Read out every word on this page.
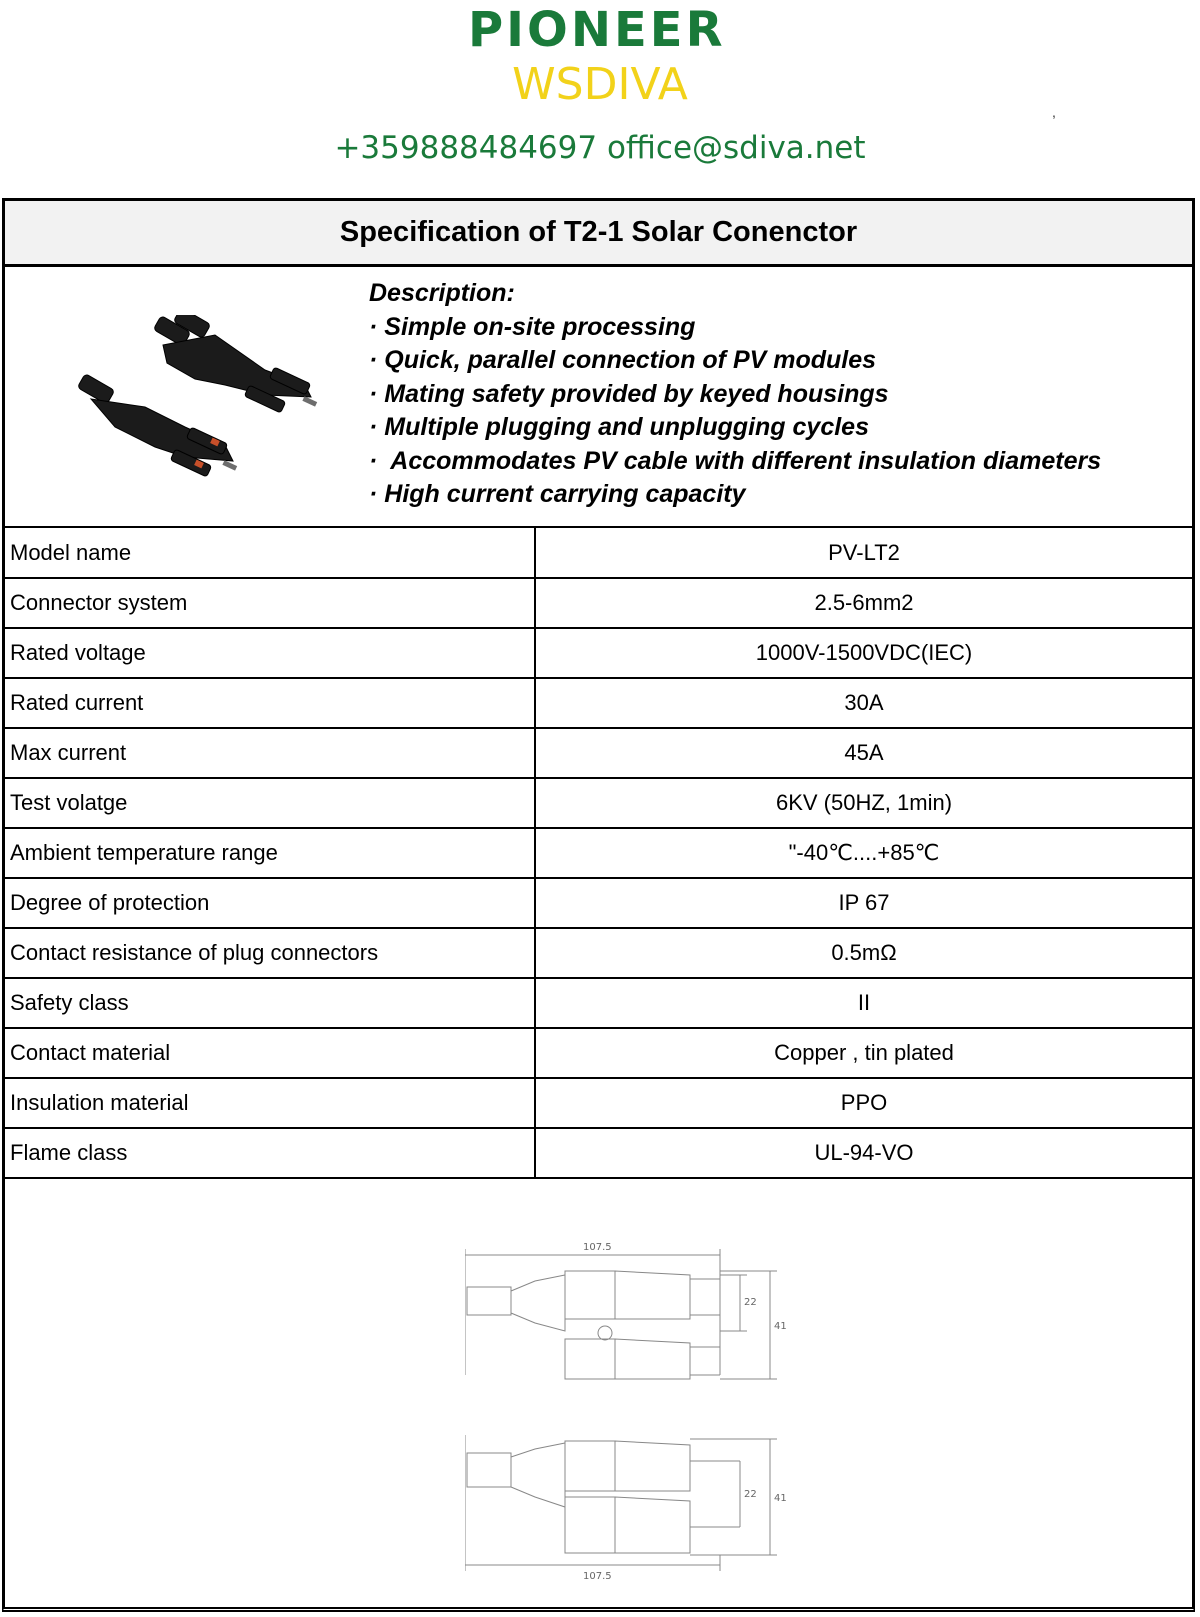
PIONEER
WSDIVA
+359888484697 office@sdiva.net
,
Specification of T2-1 Solar Conenctor
Description:
· Simple on-site processing
· Quick, parallel connection of PV modules
· Mating safety provided by keyed housings
· Multiple plugging and unplugging cycles
·  Accommodates PV cable with different insulation diameters
· High current carrying capacity
Model name	PV-LT2
Connector system	2.5-6mm2
Rated voltage	1000V-1500VDC(IEC)
Rated current	30A
Max current	45A
Test volatge	6KV (50HZ, 1min)
Ambient temperature range	"-40℃....+85℃
Degree of protection	IP 67
Contact resistance of plug connectors	0.5mΩ
Safety class	II
Contact material	Copper , tin plated
Insulation material	PPO
Flame class	UL-94-VO
107.5
22
41
22 41
107.5
